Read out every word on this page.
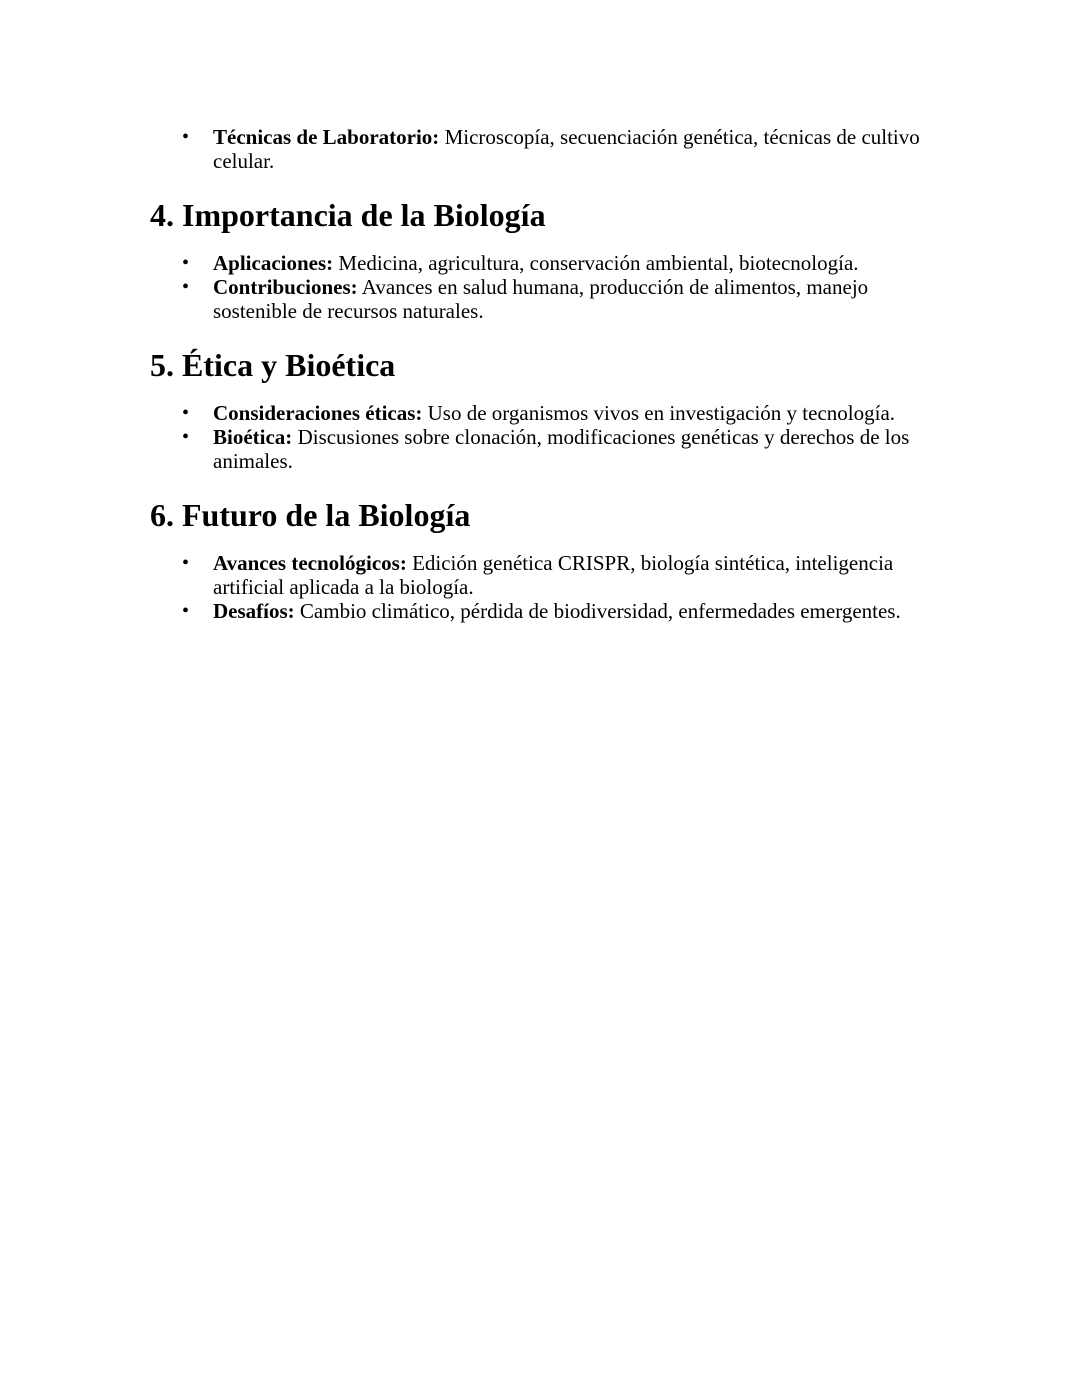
• Técnicas de Laboratorio: Microscopía, secuenciación genética, técnicas de cultivo celular.
4. Importancia de la Biología
• Aplicaciones: Medicina, agricultura, conservación ambiental, biotecnología.
• Contribuciones: Avances en salud humana, producción de alimentos, manejo sostenible de recursos naturales.
5. Ética y Bioética
• Consideraciones éticas: Uso de organismos vivos en investigación y tecnología.
• Bioética: Discusiones sobre clonación, modificaciones genéticas y derechos de los animales.
6. Futuro de la Biología
• Avances tecnológicos: Edición genética CRISPR, biología sintética, inteligencia artificial aplicada a la biología.
• Desafíos: Cambio climático, pérdida de biodiversidad, enfermedades emergentes.
